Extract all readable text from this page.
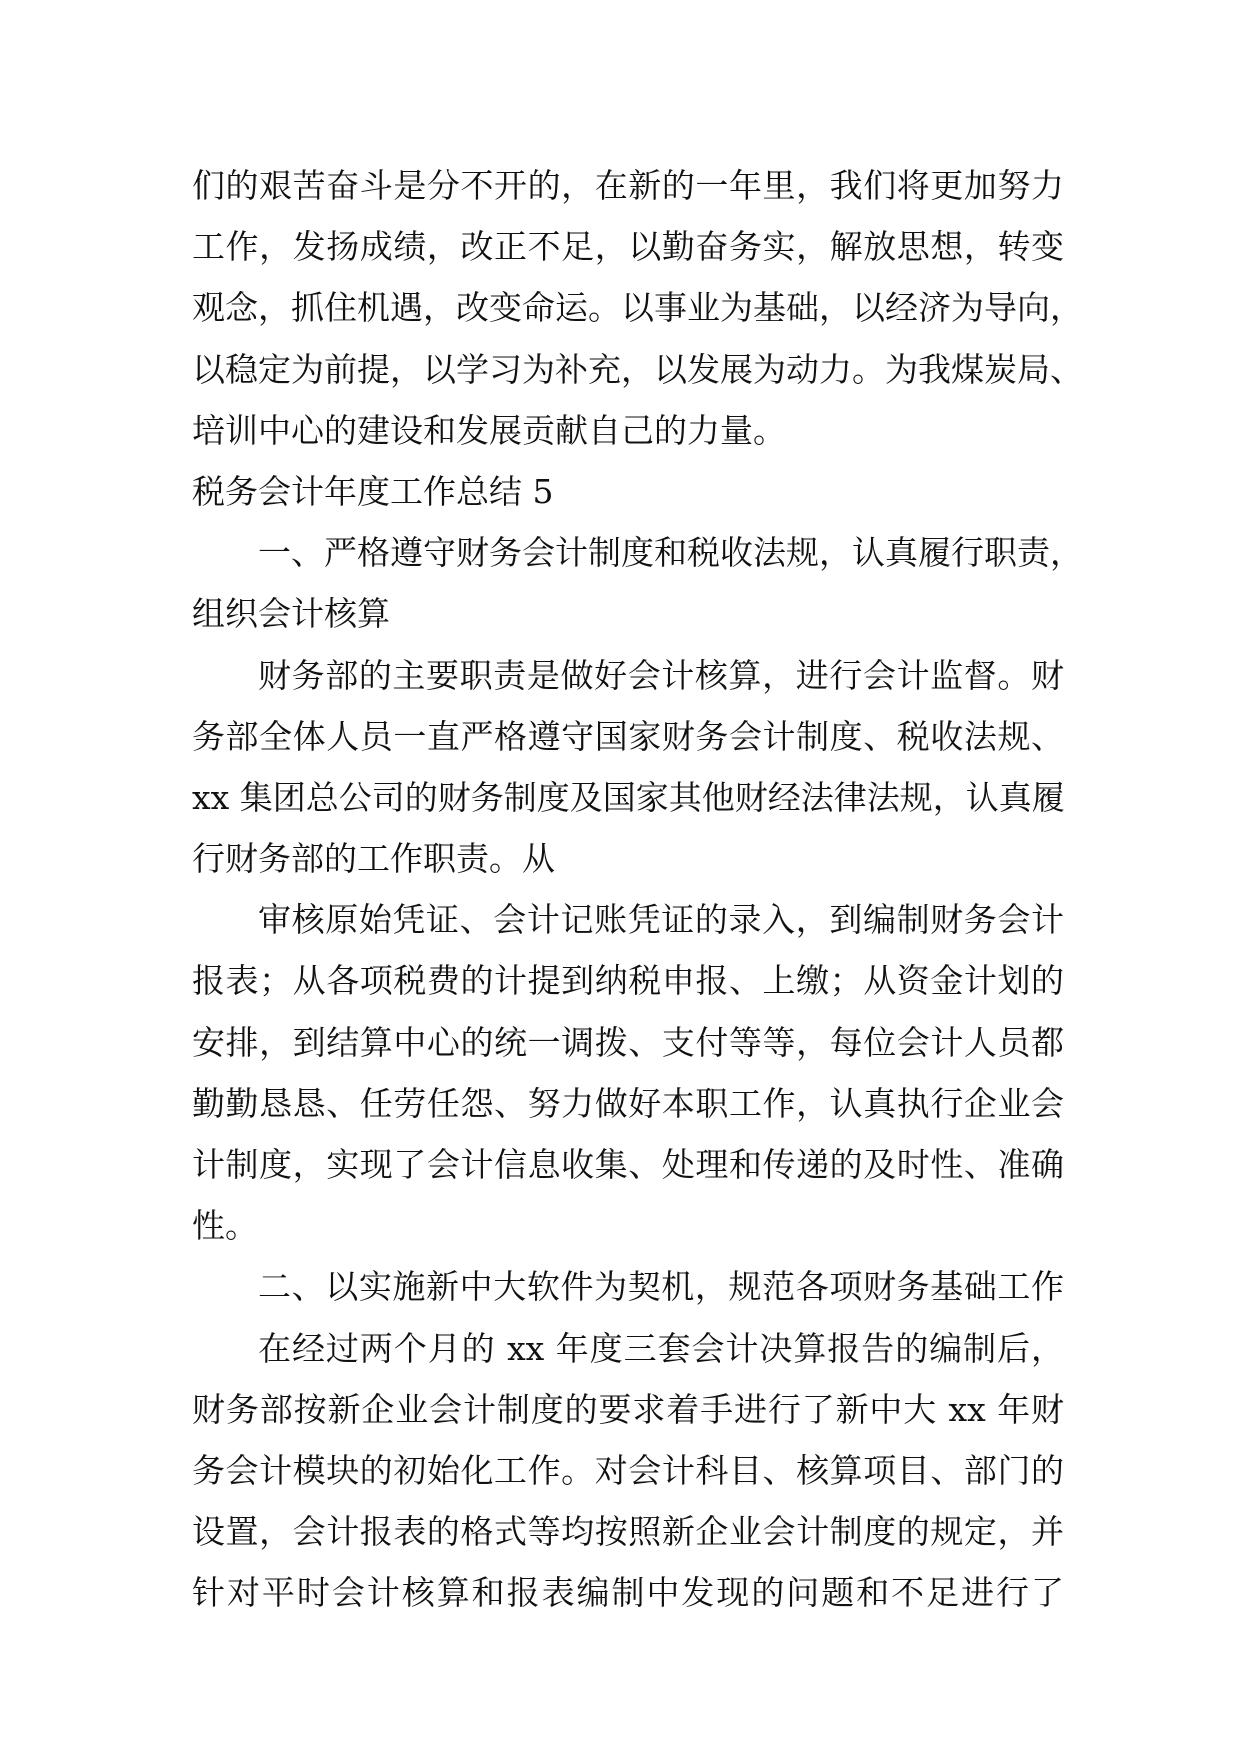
们的艰苦奋斗是分不开的，在新的一年里，我们将更加努力
工作，发扬成绩，改正不足，以勤奋务实，解放思想，转变
观念，抓住机遇，改变命运。以事业为基础，以经济为导向，
以稳定为前提，以学习为补充，以发展为动力。为我煤炭局、
培训中心的建设和发展贡献自己的力量。
税务会计年度工作总结 5
一、严格遵守财务会计制度和税收法规，认真履行职责，
组织会计核算
财务部的主要职责是做好会计核算，进行会计监督。财
务部全体人员一直严格遵守国家财务会计制度、税收法规、
xx 集团总公司的财务制度及国家其他财经法律法规，认真履
行财务部的工作职责。从
审核原始凭证、会计记账凭证的录入，到编制财务会计
报表；从各项税费的计提到纳税申报、上缴；从资金计划的
安排，到结算中心的统一调拨、支付等等，每位会计人员都
勤勤恳恳、任劳任怨、努力做好本职工作，认真执行企业会
计制度，实现了会计信息收集、处理和传递的及时性、准确
性。
二、以实施新中大软件为契机，规范各项财务基础工作
在经过两个月的 xx 年度三套会计决算报告的编制后，
财务部按新企业会计制度的要求着手进行了新中大 xx 年财
务会计模块的初始化工作。对会计科目、核算项目、部门的
设置，会计报表的格式等均按照新企业会计制度的规定，并
针对平时会计核算和报表编制中发现的问题和不足进行了
